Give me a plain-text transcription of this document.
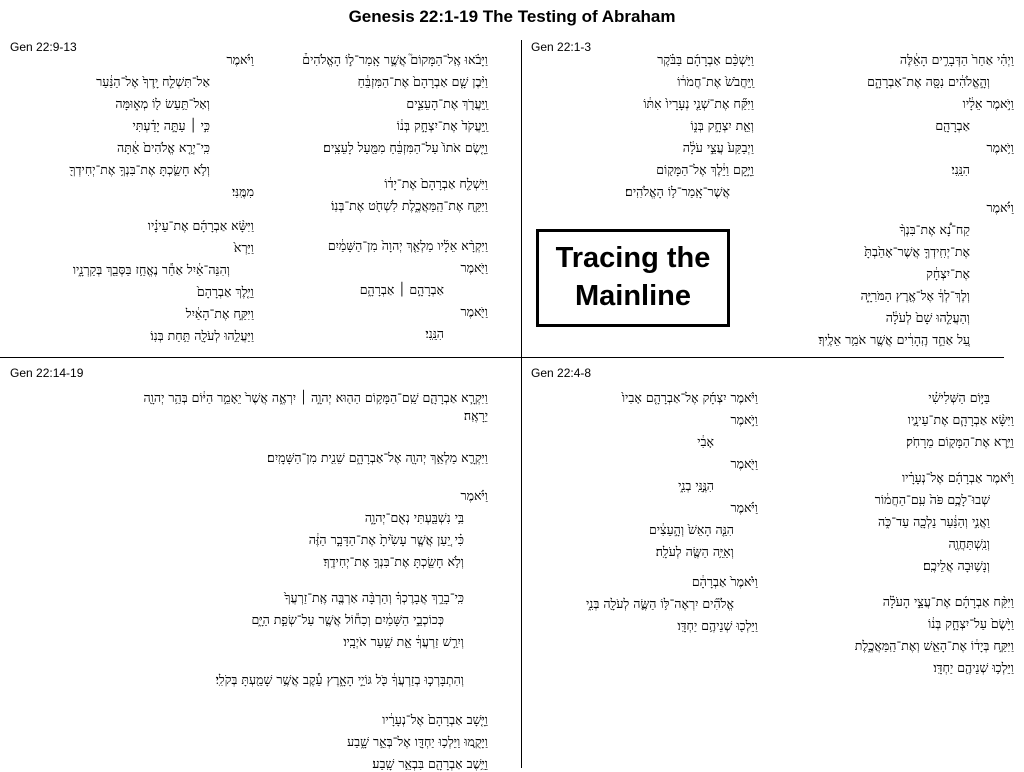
Genesis 22:1-19 The Testing of Abraham
Gen 22:9-13	Gen 22:1-3
Gen 22:14-19	Gen 22:4-8
Tracing the
Mainline
וַיַּשְׁכֵּ֨ם אַבְרָהָ֜ם בַּבֹּ֗קֶר
וַֽיַּחֲבֹשׁ֙ אֶת־חֲמֹר֔וֹ
וַיִּקַּ֞ח אֶת־שְׁנֵ֤י נְעָרָיו֙ אִתּ֔וֹ
וְאֵ֖ת יִצְחָ֣ק בְּנ֑וֹ
וַיְבַקַּע֙ עֲצֵ֣י עֹלָ֔ה
וַיָּ֣קָם וַיֵּ֔לֶךְ אֶל־הַמָּק֖וֹם
אֲשֶׁר־אָֽמַר־ל֥וֹ הָאֱלֹהִֽים׃
וַיְהִ֗י אַחַר֙ הַדְּבָרִ֣ים הָאֵ֔לֶּה
וְהָ֣אֱלֹהִ֔ים נִסָּ֖ה אֶת־אַבְרָהָ֑ם
וַיֹּ֣אמֶר אֵלָ֔יו
אַבְרָהָ֖ם
וַיֹּ֥אמֶר
הִנֵּֽנִי׃
וַיֹּ֡אמֶר
קַח־נָ֠א אֶת־בִּנְךָ֨
אֶת־יְחִֽידְךָ֤ אֲשֶׁר־אָהַ֙בְתָּ֙
אֶת־יִצְחָ֔ק
וְלֶךְ־לְךָ֔ אֶל־אֶ֖רֶץ הַמֹּרִיָּ֑ה
וְהַעֲלֵ֤הוּ שָׁם֙ לְעֹלָ֔ה
עַ֚ל אַחַ֣ד הֶֽהָרִ֔ים אֲשֶׁ֖ר אֹמַ֥ר אֵלֶֽיךָ׃
וַיָּבֹ֗אוּ אֶֽל־הַמָּקוֹם֮ אֲשֶׁ֣ר אָֽמַר־ל֣וֹ הָאֱלֹהִים֒
וַיִּ֨בֶן שָׁ֤ם אַבְרָהָם֙ אֶת־הַמִּזְבֵּ֔חַ
וַֽיַּעֲרֹ֖ךְ אֶת־הָעֵצִ֑ים
וַֽיַּעֲקֹד֙ אֶת־יִצְחָ֣ק בְּנ֔וֹ
וַיָּ֤שֶׂם אֹתוֹ֙ עַל־הַמִּזְבֵּ֔חַ מִמַּ֖עַל לָעֵצִֽים׃
וַיִּשְׁלַ֤ח אַבְרָהָם֙ אֶת־יָד֔וֹ
וַיִּקַּ֖ח אֶת־הַֽמַּאֲכֶ֑לֶת לִשְׁחֹ֖ט אֶת־בְּנֽוֹ׃
וַיִּקְרָ֨א אֵלָ֜יו מַלְאַ֤ךְ יְהוָה֙ מִן־הַשָּׁמַ֔יִם
וַיֹּ֖אמֶר
אַבְרָהָ֣ם ׀ אַבְרָהָ֑ם
וַיֹּ֖אמֶר
הִנֵּֽנִי׃
וַיֹּ֗אמֶר
אַל־תִּשְׁלַ֤ח יָֽדְךָ֙ אֶל־הַנַּ֔עַר
וְאַל־תַּ֥עַשׂ ל֖וֹ מְא֑וּמָּה
כִּ֣י ׀ עַתָּ֣ה יָדַ֗עְתִּי
כִּֽי־יְרֵ֤א אֱלֹהִים֙ אַ֔תָּה
וְלֹ֥א חָשַׂ֛כְתָּ אֶת־בִּנְךָ֥ אֶת־יְחִידְךָ֖
מִמֶּֽנִּי׃
וַיִּשָּׂ֨א אַבְרָהָ֜ם אֶת־עֵינָ֗יו
וַיַּרְא֙
וְהִנֵּה־אַ֔יִל אַחַ֕ר נֶאֱחַ֥ז בַּסְּבַ֖ךְ בְּקַרְנָ֑יו
וַיֵּ֤לֶךְ אַבְרָהָם֙
וַיִּקַּ֣ח אֶת־הָאַ֔יִל
וַיַּעֲלֵ֥הוּ לְעֹלָ֖ה תַּ֥חַת בְּנֽוֹ׃
וַיֹּ֨אמֶר יִצְחָ֜ק אֶל־אַבְרָהָ֤ם אָבִיו֙
וַיֹּ֣אמֶר
אָבִ֔י
וַיֹּ֖אמֶר
הִנֶּ֣נִּֽי בְנִ֑י
וַיֹּ֗אמֶר
הִנֵּ֤ה הָאֵשׁ֙ וְהָ֣עֵצִ֔ים
וְאַיֵּ֥ה הַשֶּׂ֖ה לְעֹלָֽה׃
וַיֹּ֙אמֶר֙ אַבְרָהָ֔ם
אֱלֹהִ֞ים יִרְאֶה־לּ֥וֹ הַשֶּׂ֛ה לְעֹלָ֖ה בְּנִ֑י
וַיֵּלְכ֖וּ שְׁנֵיהֶ֥ם יַחְדָּֽו׃
בַּיּ֣וֹם הַשְּׁלִישִׁ֗י
וַיִּשָּׂ֨א אַבְרָהָ֧ם אֶת־עֵינָ֛יו
וַיַּ֥רְא אֶת־הַמָּק֖וֹם מֵרָחֹֽק׃
וַיֹּ֨אמֶר אַבְרָהָ֜ם אֶל־נְעָרָ֗יו
שְׁבוּ־לָכֶ֥ם פֹּה֙ עִֽם־הַחֲמ֔וֹר
וַאֲנִ֣י וְהַנַּ֔עַר נֵלְכָ֖ה עַד־כֹּ֑ה
וְנִֽשְׁתַּחֲוֶ֖ה
וְנָשׁ֥וּבָה אֲלֵיכֶֽם׃
וַיִּקַּ֨ח אַבְרָהָ֜ם אֶת־עֲצֵ֣י הָעֹלָ֗ה
וַיָּ֙שֶׂם֙ עַל־יִצְחָ֣ק בְּנ֔וֹ
וַיִּקַּ֣ח בְּיָד֔וֹ אֶת־הָאֵ֖שׁ וְאֶת־הַֽמַּאֲכֶ֑לֶת
וַיֵּלְכ֥וּ שְׁנֵיהֶ֖ם יַחְדָּֽו׃
וַיִּקְרָ֧א אַבְרָהָ֛ם שֵֽׁם־הַמָּק֥וֹם הַה֖וּא יְהוָ֣ה ׀ יִרְאֶ֑ה אֲשֶׁר֙ יֵאָמֵ֣ר הַיּ֔וֹם בְּהַ֥ר יְהוָ֖ה
יֵרָאֶֽה׃
וַיִּקְרָ֛א מַלְאַ֥ךְ יְהוָ֖ה אֶל־אַבְרָהָ֑ם שֵׁנִ֖ית מִן־הַשָּׁמָֽיִם׃
וַיֹּ֗אמֶר
בִּ֥י נִשְׁבַּ֖עְתִּי נְאֻם־יְהוָ֑ה
כִּ֗י יַ֚עַן אֲשֶׁ֤ר עָשִׂ֙יתָ֙ אֶת־הַדָּבָ֣ר הַזֶּ֔ה
וְלֹ֥א חָשַׂ֖כְתָּ אֶת־בִּנְךָ֥ אֶת־יְחִידֶֽךָ׃
כִּֽי־בָרֵ֣ךְ אֲבָרֶכְךָ֗ וְהַרְבָּ֨ה אַרְבֶּ֤ה אֶֽת־זַרְעֲךָ֙
כְּכוֹכְבֵ֣י הַשָּׁמַ֔יִם וְכַח֕וֹל אֲשֶׁ֖ר עַל־שְׂפַ֣ת הַיָּ֑ם
וְיִרַ֣שׁ זַרְעֲךָ֔ אֵ֖ת שַׁ֥עַר אֹיְבָֽיו׃
וְהִתְבָּרְכ֣וּ בְזַרְעֲךָ֔ כֹּ֖ל גּוֹיֵ֣י הָאָ֑רֶץ עֵ֕קֶב אֲשֶׁ֥ר שָׁמַ֖עְתָּ בְּקֹלִֽי׃
וַיָּ֤שָׁב אַבְרָהָם֙ אֶל־נְעָרָ֔יו
וַיָּקֻ֛מוּ וַיֵּלְכ֥וּ יַחְדָּ֖ו אֶל־בְּאֵ֣ר שָׁ֑בַע
וַיֵּ֥שֶׁב אַבְרָהָ֖ם בִּבְאֵ֥ר שָֽׁבַע׃
